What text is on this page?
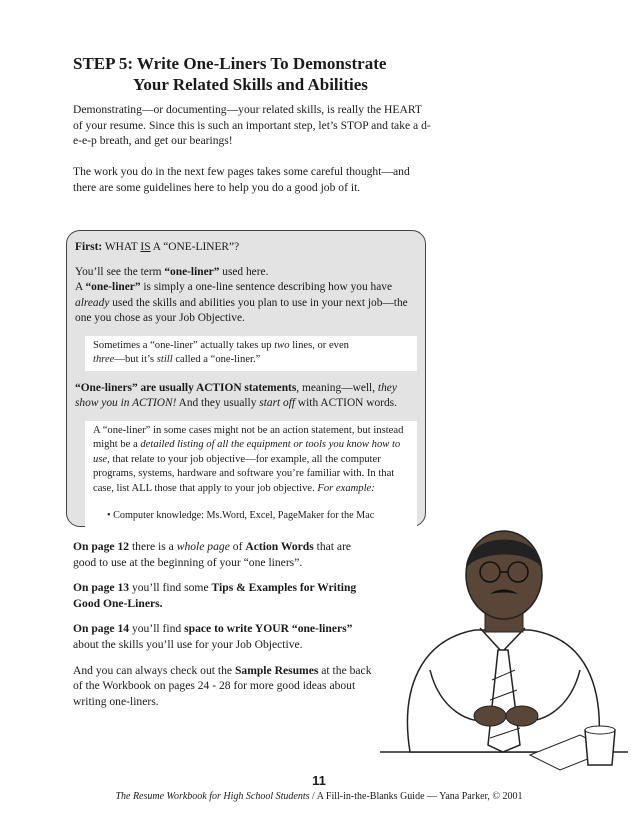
STEP 5: Write One-Liners To Demonstrate
Your Related Skills and Abilities
Demonstrating—or documenting—your related skills, is really the HEART of your resume. Since this is such an important step, let’s STOP and take a d-e-e-p breath, and get our bearings!
The work you do in the next few pages takes some careful thought—and there are some guidelines here to help you do a good job of it.

First: WHAT IS A “ONE-LINER”?

You’ll see the term “one-liner” used here.
A “one-liner” is simply a one-line sentence describing how you have already used the skills and abilities you plan to use in your next job—the one you chose as your Job Objective.

Sometimes a “one-liner” actually takes up two lines, or even
three—but it’s still called a “one-liner.”

“One-liners” are usually ACTION statements, meaning—well, they show you in ACTION! And they usually start off with ACTION words.

A “one-liner” in some cases might not be an action statement, but instead might be a detailed listing of all the equipment or tools you know how to use, that relate to your job objective—for example, all the computer programs, systems, hardware and software you’re familiar with. In that case, list ALL those that apply to your job objective. For example:
• Computer knowledge: Ms.Word, Excel, PageMaker for the Mac

On page 12 there is a whole page of Action Words that are good to use at the beginning of your “one liners”.

On page 13 you’ll find some Tips & Examples for Writing Good One-Liners.

On page 14 you’ll find space to write YOUR “one-liners” about the skills you’ll use for your Job Objective.

And you can always check out the Sample Resumes at the back of the Workbook on pages 24 - 28 for more good ideas about writing one-liners.

11
The Resume Workbook for High School Students / A Fill-in-the-Blanks Guide — Yana Parker, © 2001
